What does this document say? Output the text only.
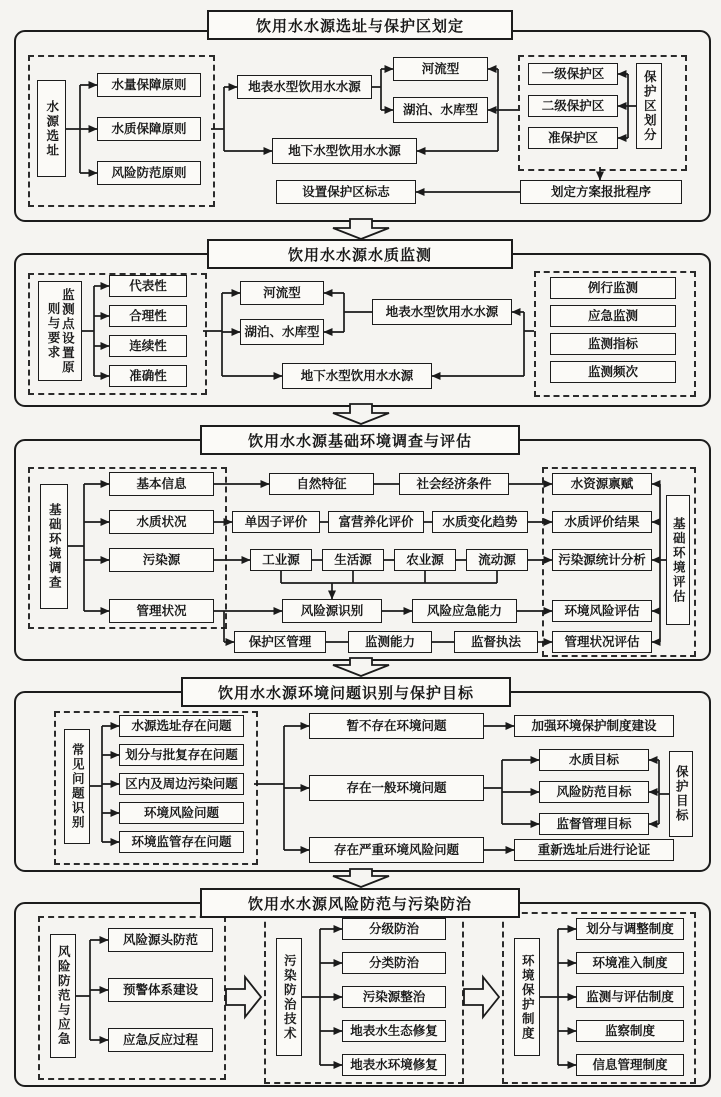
饮用水水源选址与保护区划定
饮用水水源水质监测
饮用水水源基础环境调查与评估
饮用水水源环境问题识别与保护目标
饮用水水源风险防范与污染防治
水源选址
水量保障原则
水质保障原则
风险防范原则
地表水型饮用水水源
河流型
湖泊、水库型
地下水型饮用水水源
设置保护区标志
一级保护区
二级保护区
准保护区	保护区划分
划定方案报批程序
监测点设置原则与要求
代表性
合理性
连续性
准确性
河流型
湖泊、水库型
地表水型饮用水水源
地下水型饮用水水源
例行监测
应急监测
监测指标
监测频次
基础环境调查
基本信息
水质状况
污染源
管理状况
自然特征	社会经济条件
单因子评价	富营养化评价	水质变化趋势
工业源	生活源	农业源	流动源
风险源识别	风险应急能力
保护区管理	监测能力	监督执法
水资源禀赋
水质评价结果
污染源统计分析
环境风险评估
管理状况评估
基础环境评估
常见问题识别
水源选址存在问题
划分与批复存在问题
区内及周边污染问题
环境风险问题
环境监管存在问题
暂不存在环境问题
存在一般环境问题
存在严重环境风险问题
加强环境保护制度建设
水质目标
风险防范目标
监督管理目标
保护目标
重新选址后进行论证
风险防范与应急
风险源头防范
预警体系建设
应急反应过程	污染防治技术
分级防治
分类防治
污染源整治
地表水生态修复
地表水环境修复
环境保护制度
划分与调整制度
环境准入制度
监测与评估制度
监察制度
信息管理制度
